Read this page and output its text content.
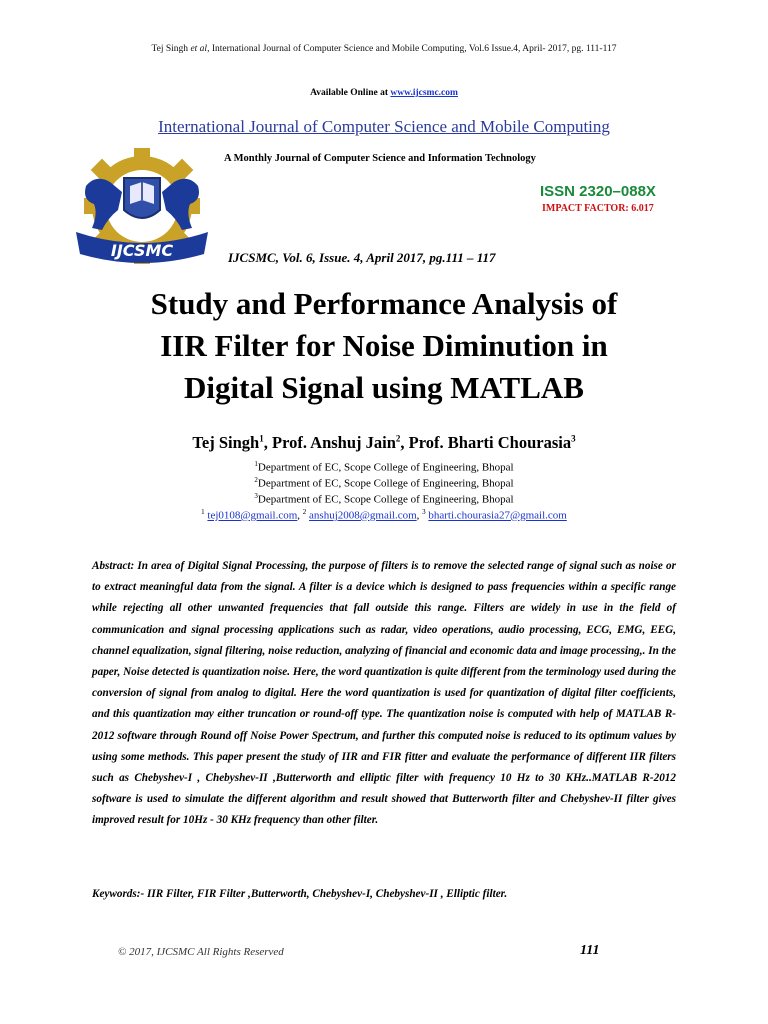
Tej Singh et al, International Journal of Computer Science and Mobile Computing, Vol.6 Issue.4, April- 2017, pg. 111-117
Available Online at www.ijcsmc.com
International Journal of Computer Science and Mobile Computing
A Monthly Journal of Computer Science and Information Technology
IJCSMC
ISSN 2320–088X
IMPACT FACTOR: 6.017
IJCSMC, Vol. 6, Issue. 4, April 2017, pg.111 – 117
Study and Performance Analysis of
IIR Filter for Noise Diminution in
Digital Signal using MATLAB
Tej Singh$^1$, Prof. Anshuj Jain$^2$, Prof. Bharti Chourasia$^3$
$^1$Department of EC, Scope College of Engineering, Bhopal
$^2$Department of EC, Scope College of Engineering, Bhopal
$^3$Department of EC, Scope College of Engineering, Bhopal
$^1$ tej0108@gmail.com, $^2$ anshuj2008@gmail.com, $^3$ bharti.chourasia27@gmail.com
Abstract: In area of Digital Signal Processing, the purpose of filters is to remove the selected range of signal such as noise or to extract meaningful data from the signal. A filter is a device which is designed to pass frequencies within a specific range while rejecting all other unwanted frequencies that fall outside this range. Filters are widely in use in the field of communication and signal processing applications such as radar, video operations, audio processing, ECG, EMG, EEG, channel equalization, signal filtering, noise reduction, analyzing of financial and economic data and image processing,. In the paper, Noise detected is quantization noise. Here, the word quantization is quite different from the terminology used during the conversion of signal from analog to digital. Here the word quantization is used for quantization of digital filter coefficients, and this quantization may either truncation or round-off type. The quantization noise is computed with help of MATLAB R-2012 software through Round off Noise Power Spectrum, and further this computed noise is reduced to its optimum values by using some methods. This paper present the study of IIR and FIR fitter and evaluate the performance of different IIR filters such as Chebyshev-I , Chebyshev-II ,Butterworth and elliptic filter with frequency 10 Hz to 30 KHz..MATLAB R-2012 software is used to simulate the different algorithm and result showed that Butterworth filter and Chebyshev-II filter gives improved result for 10Hz - 30 KHz frequency than other filter.
Keywords:- IIR Filter, FIR Filter ,Butterworth, Chebyshev-I, Chebyshev-II , Elliptic filter.
© 2017, IJCSMC All Rights Reserved	111
